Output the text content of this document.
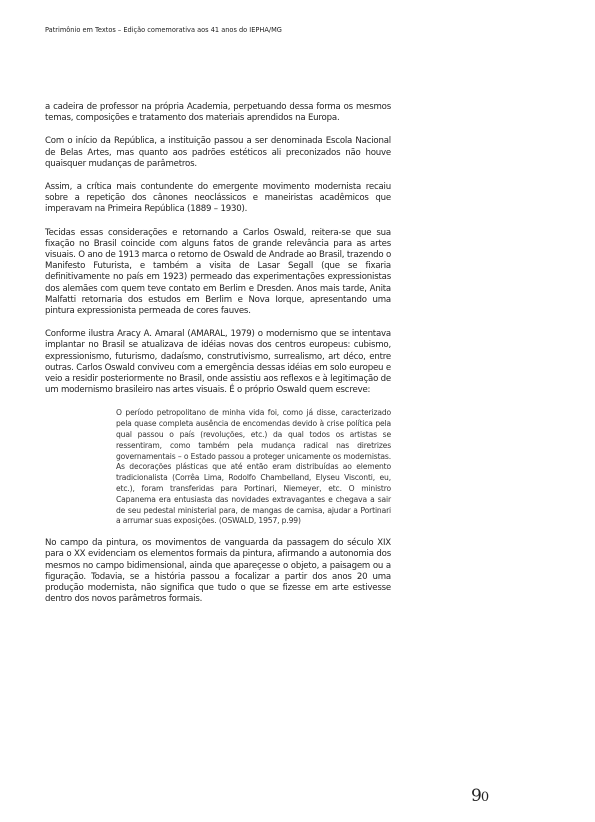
Patrimônio em Textos – Edição comemorativa aos 41 anos do IEPHA/MG

a cadeira de professor na própria Academia, perpetuando dessa forma os mesmos temas, composições e tratamento dos materiais aprendidos na Europa.

Com o início da República, a instituição passou a ser denominada Escola Nacional de Belas Artes, mas quanto aos padrões estéticos ali preconizados não houve quaisquer mudanças de parâmetros.

Assim, a crítica mais contundente do emergente movimento modernista recaiu sobre a repetição dos cânones neoclássicos e maneiristas acadêmicos que imperavam na Primeira República (1889 – 1930).

Tecidas essas considerações e retornando a Carlos Oswald, reitera-se que sua fixação no Brasil coincide com alguns fatos de grande relevância para as artes visuais. O ano de 1913 marca o retorno de Oswald de Andrade ao Brasil, trazendo o Manifesto Futurista, e também a visita de Lasar Segall (que se fixaria definitivamente no país em 1923) permeado das experimentações expressionistas dos alemães com quem teve contato em Berlim e Dresden. Anos mais tarde, Anita Malfatti retornaria dos estudos em Berlim e Nova Iorque, apresentando uma pintura expressionista permeada de cores fauves.

Conforme ilustra Aracy A. Amaral (AMARAL, 1979) o modernismo que se intentava implantar no Brasil se atualizava de idéias novas dos centros europeus: cubismo, expressionismo, futurismo, dadaísmo, construtivismo, surrealismo, art déco, entre outras. Carlos Oswald conviveu com a emergência dessas idéias em solo europeu e veio a residir posteriormente no Brasil, onde assistiu aos reflexos e à legitimação de um modernismo brasileiro nas artes visuais. É o próprio Oswald quem escreve:

O período petropolitano de minha vida foi, como já disse, caracterizado pela quase completa ausência de encomendas devido à crise política pela qual passou o país (revoluções, etc.) da qual todos os artistas se ressentiram, como também pela mudança radical nas diretrizes governamentais – o Estado passou a proteger unicamente os modernistas. As decorações plásticas que até então eram distribuídas ao elemento tradicionalista (Corrêa Lima, Rodolfo Chambelland, Elyseu Visconti, eu, etc.), foram transferidas para Portinari, Niemeyer, etc. O ministro Capanema era entusiasta das novidades extravagantes e chegava a sair de seu pedestal ministerial para, de mangas de camisa, ajudar a Portinari a arrumar suas exposições. (OSWALD, 1957, p.99)

No campo da pintura, os movimentos de vanguarda da passagem do século XIX para o XX evidenciam os elementos formais da pintura, afirmando a autonomia dos mesmos no campo bidimensional, ainda que apareçesse o objeto, a paisagem ou a figuração. Todavia, se a história passou a focalizar a partir dos anos 20 uma produção modernista, não significa que tudo o que se fizesse em arte estivesse dentro dos novos parâmetros formais.

90
